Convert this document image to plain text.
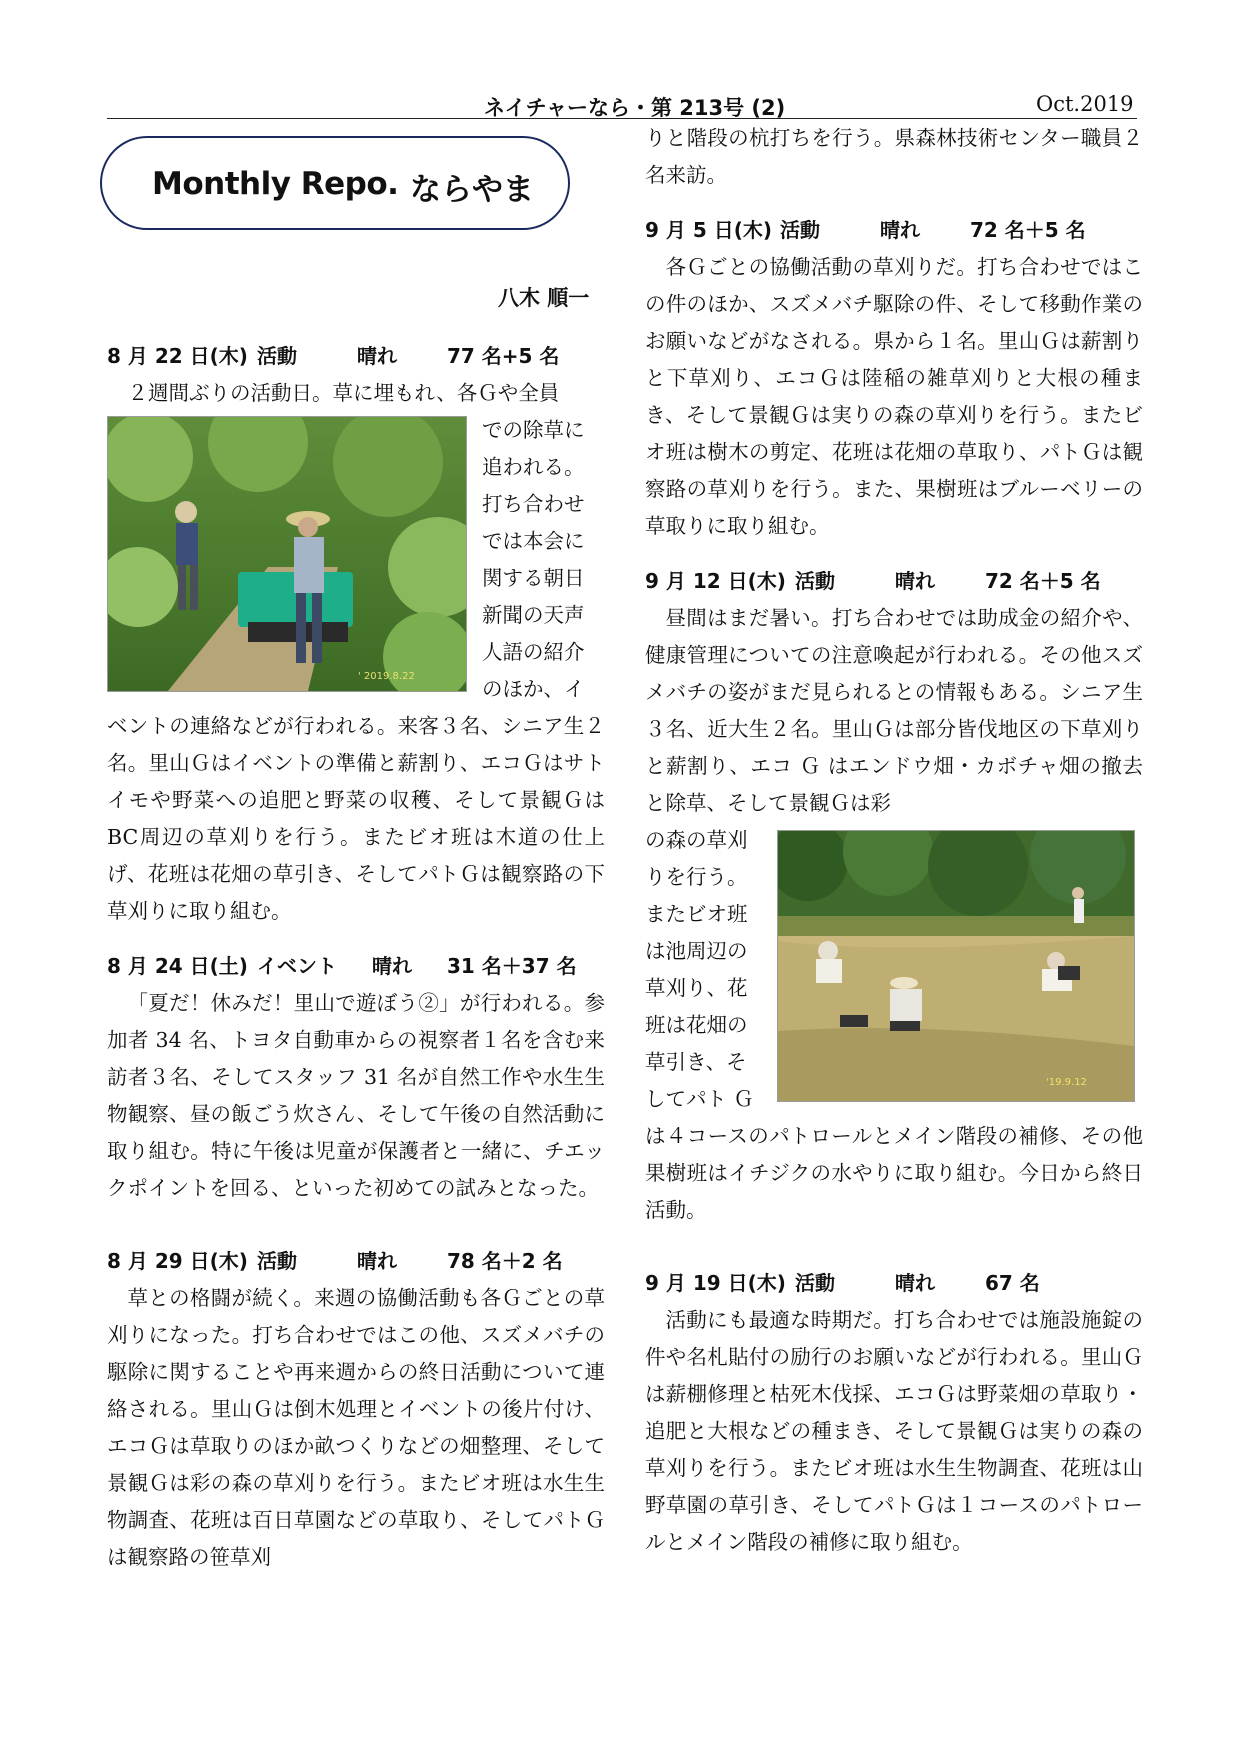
ネイチャーなら・第 213号 (2)	Oct.2019
Monthly Repo. ならやま
八木 順一
8 月 22 日(木) 活動	晴れ	77 名+5 名

２週間ぶりの活動日。草に埋もれ、各Ｇや全員

' 2019.8.22
での除草に
追われる。
打ち合わせ
では本会に
関する朝日
新聞の天声
人語の紹介
のほか、イ

ベントの連絡などが行われる。来客３名、シニア生２名。里山Ｇはイベントの準備と薪割り、エコＧはサトイモや野菜への追肥と野菜の収穫、そして景観ＧはBC周辺の草刈りを行う。またビオ班は木道の仕上げ、花班は花畑の草引き、そしてパトＧは観察路の下草刈りに取り組む。

8 月 24 日(土) イベント	晴れ	31 名＋37 名

「夏だ！休みだ！里山で遊ぼう②」が行われる。参加者 34 名、トヨタ自動車からの視察者１名を含む来訪者３名、そしてスタッフ 31 名が自然工作や水生生物観察、昼の飯ごう炊さん、そして午後の自然活動に取り組む。特に午後は児童が保護者と一緒に、チエックポイントを回る、といった初めての試みとなった。

8 月 29 日(木) 活動	晴れ	78 名＋2 名

草との格闘が続く。来週の協働活動も各Ｇごとの草刈りになった。打ち合わせではこの他、スズメバチの駆除に関することや再来週からの終日活動について連絡される。里山Ｇは倒木処理とイベントの後片付け、エコＧは草取りのほか畝つくりなどの畑整理、そして景観Ｇは彩の森の草刈りを行う。またビオ班は水生生物調査、花班は百日草園などの草取り、そしてパトＧは観察路の笹草刈

りと階段の杭打ちを行う。県森林技術センター職員２名来訪。

9 月 5 日(木) 活動	晴れ	72 名＋5 名

各Ｇごとの協働活動の草刈りだ。打ち合わせではこの件のほか、スズメバチ駆除の件、そして移動作業のお願いなどがなされる。県から１名。里山Ｇは薪割りと下草刈り、エコＧは陸稲の雑草刈りと大根の種まき、そして景観Ｇは実りの森の草刈りを行う。またビオ班は樹木の剪定、花班は花畑の草取り、パトＧは観察路の草刈りを行う。また、果樹班はブルーベリーの草取りに取り組む。

9 月 12 日(木) 活動	晴れ	72 名＋5 名

昼間はまだ暑い。打ち合わせでは助成金の紹介や、健康管理についての注意喚起が行われる。その他スズメバチの姿がまだ見られるとの情報もある。シニア生３名、近大生２名。里山Ｇは部分皆伐地区の下草刈りと薪割り、エコ Ｇ はエンドウ畑・カボチャ畑の撤去と除草、そして景観Ｇは彩

の森の草刈
りを行う。
またビオ班
は池周辺の
草刈り、花
班は花畑の
草引き、そ
してパト Ｇ
'19.9.12

は４コースのパトロールとメイン階段の補修、その他果樹班はイチジクの水やりに取り組む。今日から終日活動。

9 月 19 日(木) 活動	晴れ	67 名

活動にも最適な時期だ。打ち合わせでは施設施錠の件や名札貼付の励行のお願いなどが行われる。里山Ｇは薪棚修理と枯死木伐採、エコＧは野菜畑の草取り・追肥と大根などの種まき、そして景観Ｇは実りの森の草刈りを行う。またビオ班は水生生物調査、花班は山野草園の草引き、そしてパトＧは１コースのパトロールとメイン階段の補修に取り組む。
